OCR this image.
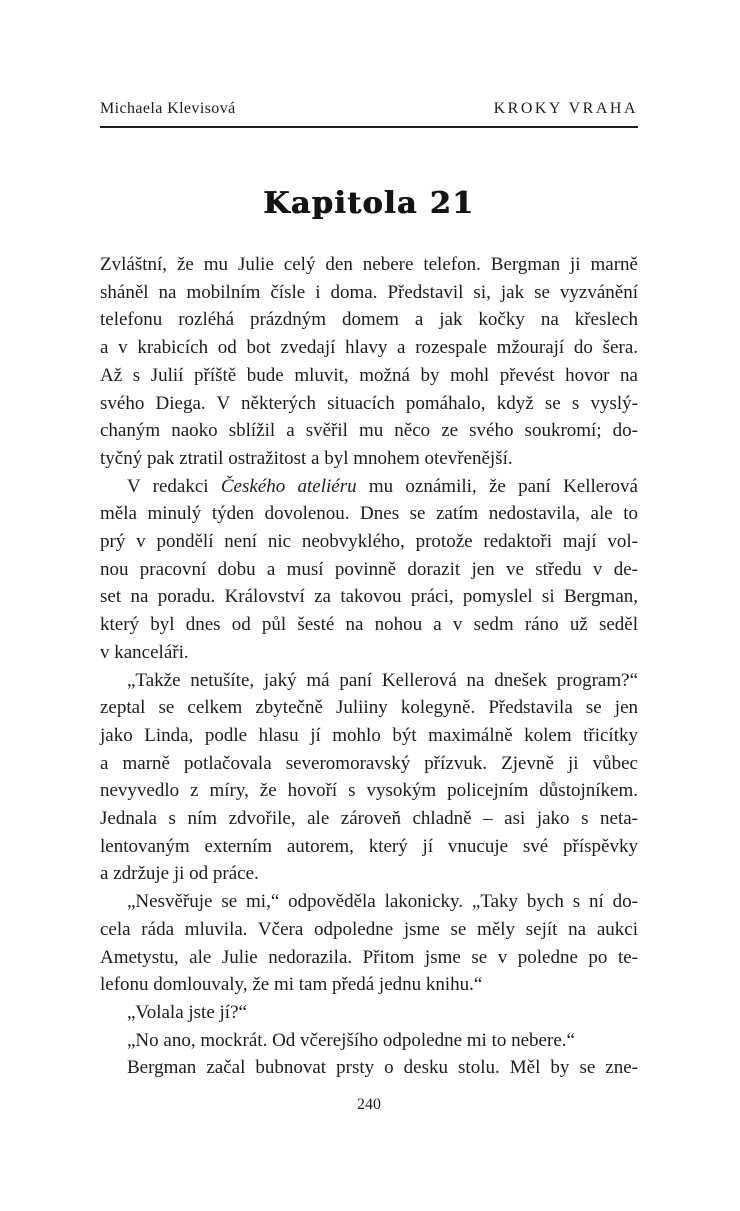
Michaela Klevisová	KROKY VRAHA
Kapitola 21
Zvláštní, že mu Julie celý den nebere telefon. Bergman ji marně
sháněl na mobilním čísle i doma. Představil si, jak se vyzvánění
telefonu rozléhá prázdným domem a jak kočky na křeslech
a v krabicích od bot zvedají hlavy a rozespale mžourají do šera.
Až s Julií příště bude mluvit, možná by mohl převést hovor na
svého Diega. V některých situacích pomáhalo, když se s vyslý-
chaným naoko sblížil a svěřil mu něco ze svého soukromí; do-
tyčný pak ztratil ostražitost a byl mnohem otevřenější.
V redakci Českého ateliéru mu oznámili, že paní Kellerová
měla minulý týden dovolenou. Dnes se zatím nedostavila, ale to
prý v pondělí není nic neobvyklého, protože redaktoři mají vol-
nou pracovní dobu a musí povinně dorazit jen ve středu v de-
set na poradu. Království za takovou práci, pomyslel si Bergman,
který byl dnes od půl šesté na nohou a v sedm ráno už seděl
v kanceláři.
„Takže netušíte, jaký má paní Kellerová na dnešek program?“
zeptal se celkem zbytečně Juliiny kolegyně. Představila se jen
jako Linda, podle hlasu jí mohlo být maximálně kolem třicítky
a marně potlačovala severomoravský přízvuk. Zjevně ji vůbec
nevyvedlo z míry, že hovoří s vysokým policejním důstojníkem.
Jednala s ním zdvořile, ale zároveň chladně – asi jako s neta-
lentovaným externím autorem, který jí vnucuje své příspěvky
a zdržuje ji od práce.
„Nesvěřuje se mi,“ odpověděla lakonicky. „Taky bych s ní do-
cela ráda mluvila. Včera odpoledne jsme se měly sejít na aukci
Ametystu, ale Julie nedorazila. Přitom jsme se v poledne po te-
lefonu domlouvaly, že mi tam předá jednu knihu.“
„Volala jste jí?“
„No ano, mockrát. Od včerejšího odpoledne mi to nebere.“
Bergman začal bubnovat prsty o desku stolu. Měl by se zne-
240
